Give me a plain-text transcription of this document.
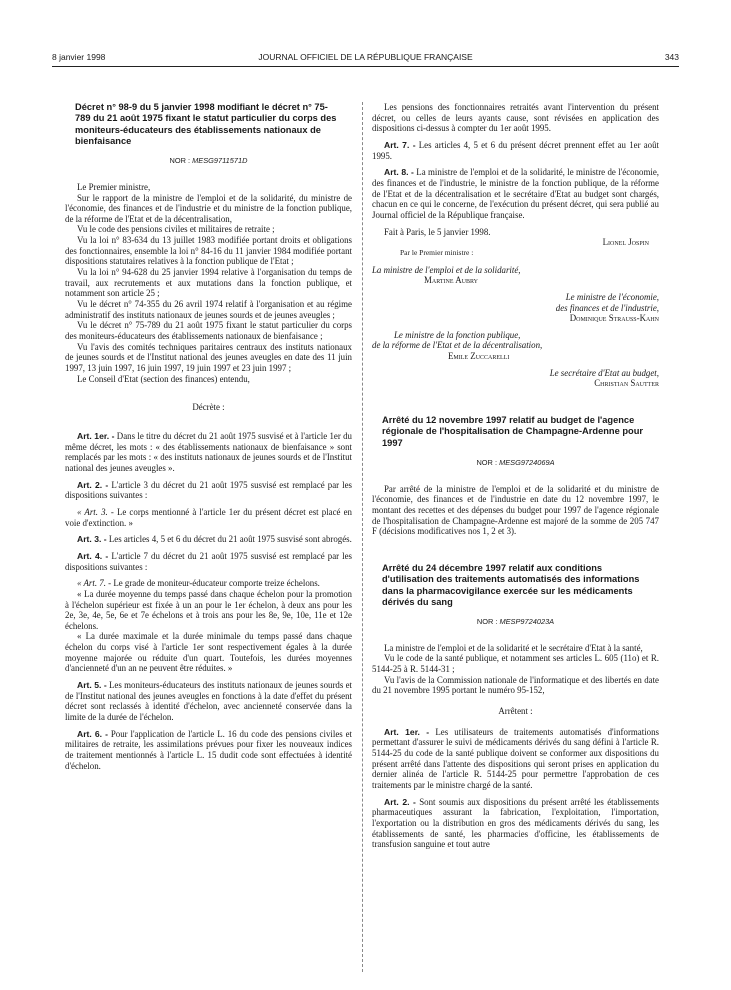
8 janvier 1998	JOURNAL OFFICIEL DE LA RÉPUBLIQUE FRANÇAISE	343

Décret n° 98-9 du 5 janvier 1998 modifiant le décret n° 75-789 du 21 août 1975 fixant le statut particulier du corps des moniteurs-éducateurs des établissements nationaux de bienfaisance

NOR : MESG9711571D

Le Premier ministre,

Sur le rapport de la ministre de l'emploi et de la solidarité, du ministre de l'économie, des finances et de l'industrie et du ministre de la fonction publique, de la réforme de l'Etat et de la décentralisation,

Vu le code des pensions civiles et militaires de retraite ;

Vu la loi n° 83-634 du 13 juillet 1983 modifiée portant droits et obligations des fonctionnaires, ensemble la loi n° 84-16 du 11 janvier 1984 modifiée portant dispositions statutaires relatives à la fonction publique de l'Etat ;

Vu la loi n° 94-628 du 25 janvier 1994 relative à l'organisation du temps de travail, aux recrutements et aux mutations dans la fonction publique, et notamment son article 25 ;

Vu le décret n° 74-355 du 26 avril 1974 relatif à l'organisation et au régime administratif des instituts nationaux de jeunes sourds et de jeunes aveugles ;

Vu le décret n° 75-789 du 21 août 1975 fixant le statut particulier du corps des moniteurs-éducateurs des établissements nationaux de bienfaisance ;

Vu l'avis des comités techniques paritaires centraux des instituts nationaux de jeunes sourds et de l'Institut national des jeunes aveugles en date des 11 juin 1997, 13 juin 1997, 16 juin 1997, 19 juin 1997 et 23 juin 1997 ;

Le Conseil d'Etat (section des finances) entendu,

Décrète :

Art. 1er. - Dans le titre du décret du 21 août 1975 susvisé et à l'article 1er du même décret, les mots : « des établissements nationaux de bienfaisance » sont remplacés par les mots : « des instituts nationaux de jeunes sourds et de l'Institut national des jeunes aveugles ».

Art. 2. - L'article 3 du décret du 21 août 1975 susvisé est remplacé par les dispositions suivantes :

« Art. 3. - Le corps mentionné à l'article 1er du présent décret est placé en voie d'extinction. »

Art. 3. - Les articles 4, 5 et 6 du décret du 21 août 1975 susvisé sont abrogés.

Art. 4. - L'article 7 du décret du 21 août 1975 susvisé est remplacé par les dispositions suivantes :

« Art. 7. - Le grade de moniteur-éducateur comporte treize échelons.

« La durée moyenne du temps passé dans chaque échelon pour la promotion à l'échelon supérieur est fixée à un an pour le 1er échelon, à deux ans pour les 2e, 3e, 4e, 5e, 6e et 7e échelons et à trois ans pour les 8e, 9e, 10e, 11e et 12e échelons.

« La durée maximale et la durée minimale du temps passé dans chaque échelon du corps visé à l'article 1er sont respectivement égales à la durée moyenne majorée ou réduite d'un quart. Toutefois, les durées moyennes d'ancienneté d'un an ne peuvent être réduites. »

Art. 5. - Les moniteurs-éducateurs des instituts nationaux de jeunes sourds et de l'Institut national des jeunes aveugles en fonctions à la date d'effet du présent décret sont reclassés à identité d'échelon, avec ancienneté conservée dans la limite de la durée de l'échelon.

Art. 6. - Pour l'application de l'article L. 16 du code des pensions civiles et militaires de retraite, les assimilations prévues pour fixer les nouveaux indices de traitement mentionnés à l'article L. 15 dudit code sont effectuées à identité d'échelon.

Les pensions des fonctionnaires retraités avant l'intervention du présent décret, ou celles de leurs ayants cause, sont révisées en application des dispositions ci-dessus à compter du 1er août 1995.

Art. 7. - Les articles 4, 5 et 6 du présent décret prennent effet au 1er août 1995.

Art. 8. - La ministre de l'emploi et de la solidarité, le ministre de l'économie, des finances et de l'industrie, le ministre de la fonction publique, de la réforme de l'Etat et de la décentralisation et le secrétaire d'Etat au budget sont chargés, chacun en ce qui le concerne, de l'exécution du présent décret, qui sera publié au Journal officiel de la République française.

Fait à Paris, le 5 janvier 1998.

Lionel Jospin

Par le Premier ministre :

La ministre de l'emploi et de la solidarité,

Martine Aubry

Le ministre de l'économie,

des finances et de l'industrie,

Dominique Strauss-Kahn

Le ministre de la fonction publique,

de la réforme de l'Etat et de la décentralisation,

Emile Zuccarelli

Le secrétaire d'Etat au budget,

Christian Sautter

Arrêté du 12 novembre 1997 relatif au budget de l'agence régionale de l'hospitalisation de Champagne-Ardenne pour 1997

NOR : MESG9724069A

Par arrêté de la ministre de l'emploi et de la solidarité et du ministre de l'économie, des finances et de l'industrie en date du 12 novembre 1997, le montant des recettes et des dépenses du budget pour 1997 de l'agence régionale de l'hospitalisation de Champagne-Ardenne est majoré de la somme de 205 747 F (décisions modificatives nos 1, 2 et 3).

Arrêté du 24 décembre 1997 relatif aux conditions d'utilisation des traitements automatisés des informations dans la pharmacovigilance exercée sur les médicaments dérivés du sang

NOR : MESP9724023A

La ministre de l'emploi et de la solidarité et le secrétaire d'Etat à la santé,

Vu le code de la santé publique, et notamment ses articles L. 605 (11o) et R. 5144-25 à R. 5144-31 ;

Vu l'avis de la Commission nationale de l'informatique et des libertés en date du 21 novembre 1995 portant le numéro 95-152,

Arrêtent :

Art. 1er. - Les utilisateurs de traitements automatisés d'informations permettant d'assurer le suivi de médicaments dérivés du sang défini à l'article R. 5144-25 du code de la santé publique doivent se conformer aux dispositions du présent arrêté dans l'attente des dispositions qui seront prises en application du dernier alinéa de l'article R. 5144-25 pour permettre l'approbation de ces traitements par le ministre chargé de la santé.

Art. 2. - Sont soumis aux dispositions du présent arrêté les établissements pharmaceutiques assurant la fabrication, l'exploitation, l'importation, l'exportation ou la distribution en gros des médicaments dérivés du sang, les établissements de santé, les pharmacies d'officine, les établissements de transfusion sanguine et tout autre
